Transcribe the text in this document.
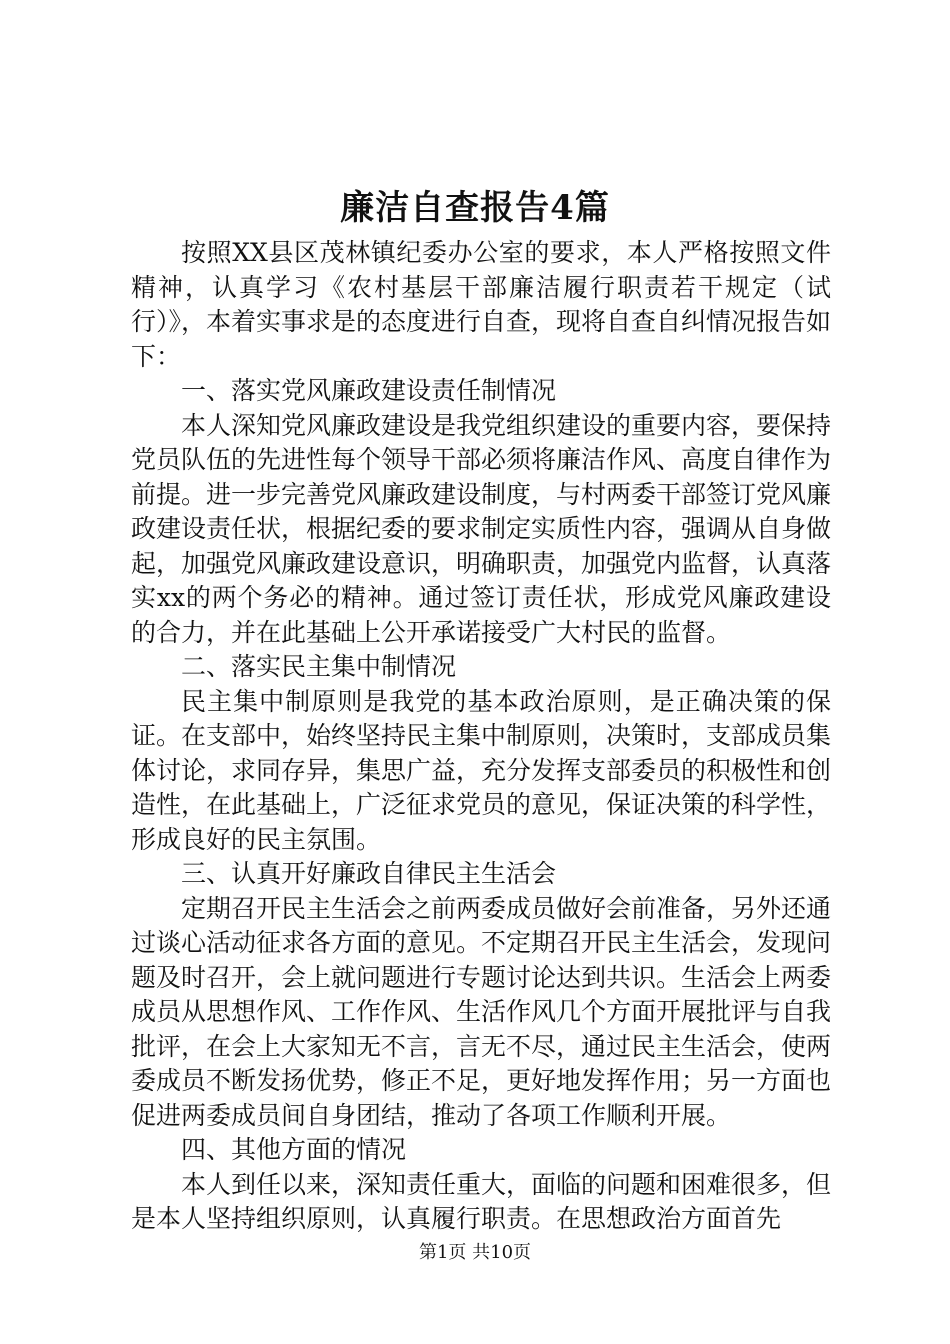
廉洁自查报告4篇

按照XX县区茂林镇纪委办公室的要求，本人严格按照文件精神，认真学习《农村基层干部廉洁履行职责若干规定（试行）》，本着实事求是的态度进行自查，现将自查自纠情况报告如下：

一、落实党风廉政建设责任制情况

本人深知党风廉政建设是我党组织建设的重要内容，要保持党员队伍的先进性每个领导干部必须将廉洁作风、高度自律作为前提。进一步完善党风廉政建设制度，与村两委干部签订党风廉政建设责任状，根据纪委的要求制定实质性内容，强调从自身做起，加强党风廉政建设意识，明确职责，加强党内监督，认真落实xx的两个务必的精神。通过签订责任状，形成党风廉政建设的合力，并在此基础上公开承诺接受广大村民的监督。

二、落实民主集中制情况

民主集中制原则是我党的基本政治原则，是正确决策的保证。在支部中，始终坚持民主集中制原则，决策时，支部成员集体讨论，求同存异，集思广益，充分发挥支部委员的积极性和创造性，在此基础上，广泛征求党员的意见，保证决策的科学性，形成良好的民主氛围。

三、认真开好廉政自律民主生活会

定期召开民主生活会之前两委成员做好会前准备，另外还通过谈心活动征求各方面的意见。不定期召开民主生活会，发现问题及时召开，会上就问题进行专题讨论达到共识。生活会上两委成员从思想作风、工作作风、生活作风几个方面开展批评与自我批评，在会上大家知无不言，言无不尽，通过民主生活会，使两委成员不断发扬优势，修正不足，更好地发挥作用；另一方面也促进两委成员间自身团结，推动了各项工作顺利开展。

四、其他方面的情况

本人到任以来，深知责任重大，面临的问题和困难很多，但是本人坚持组织原则，认真履行职责。在思想政治方面首先

第1页 共10页
